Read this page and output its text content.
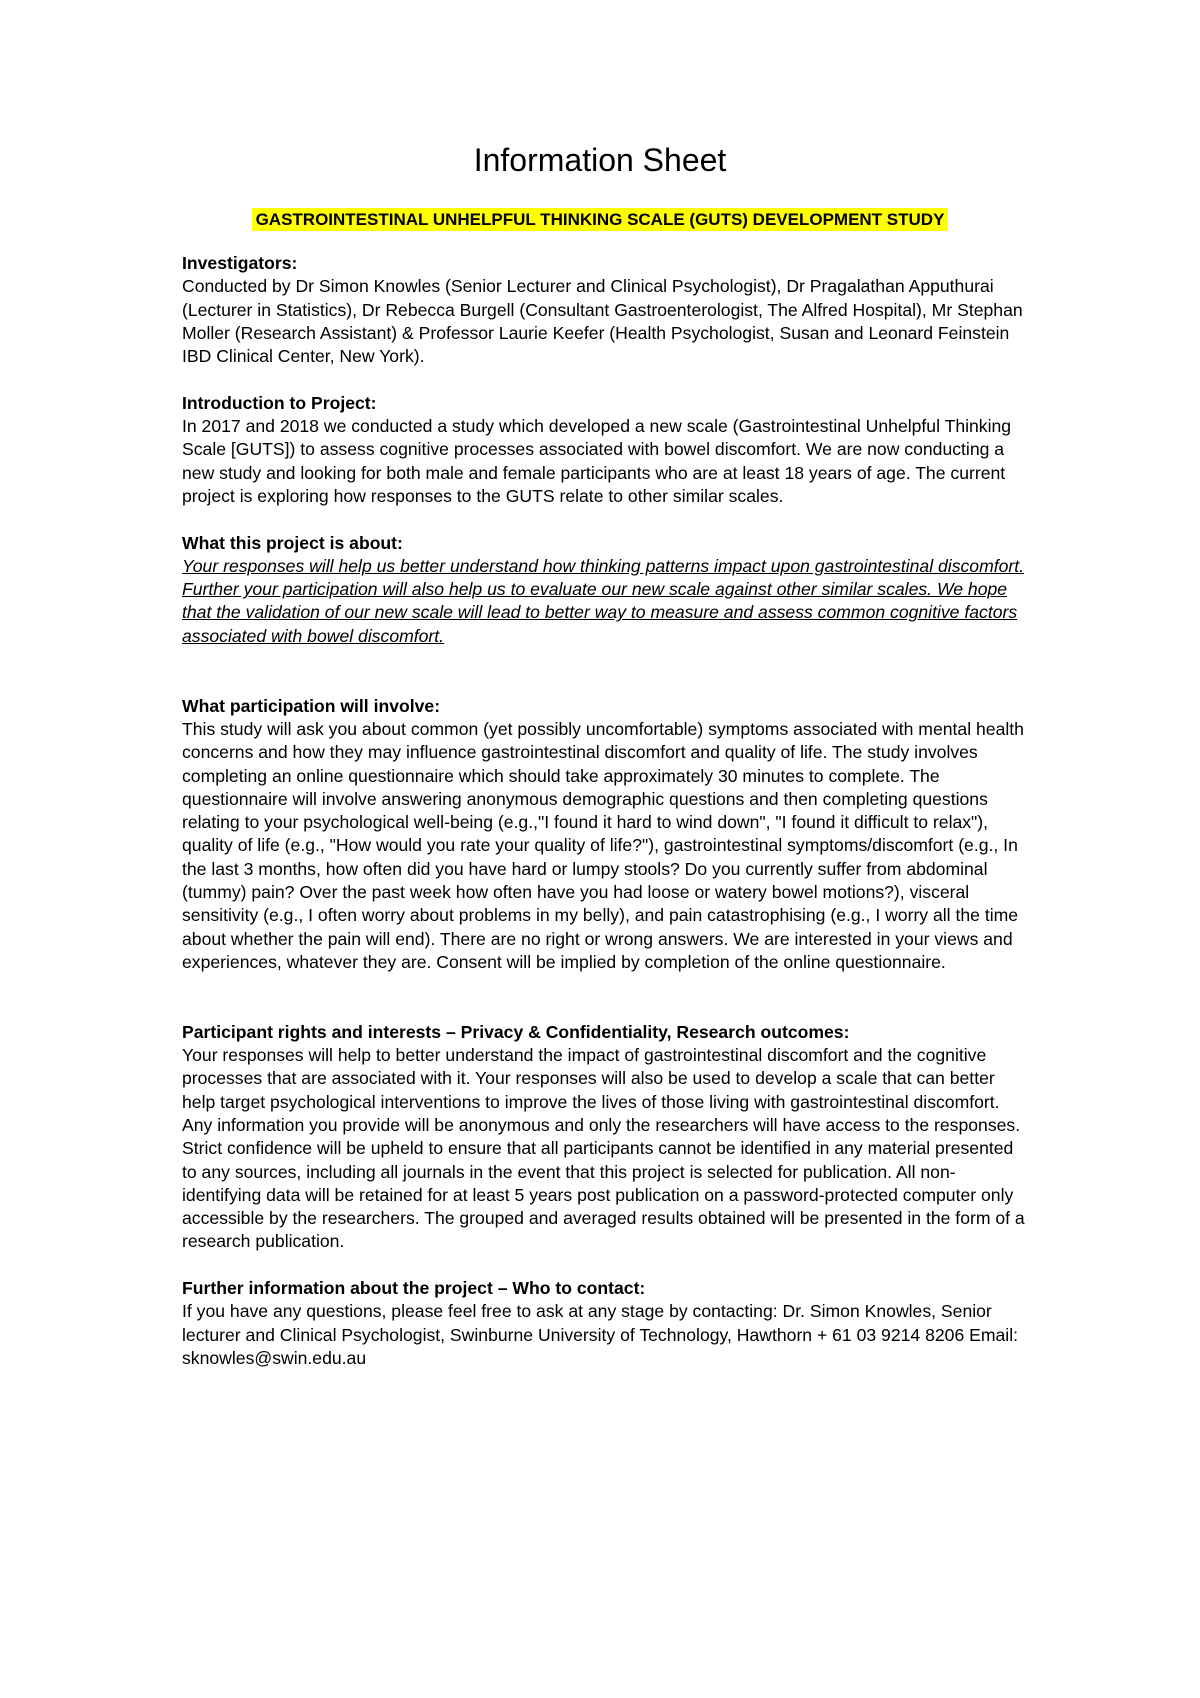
Information Sheet
GASTROINTESTINAL UNHELPFUL THINKING SCALE (GUTS) DEVELOPMENT STUDY
Investigators:

Conducted by Dr Simon Knowles (Senior Lecturer and Clinical Psychologist), Dr Pragalathan Apputhurai (Lecturer in Statistics), Dr Rebecca Burgell (Consultant Gastroenterologist, The Alfred Hospital), Mr Stephan Moller (Research Assistant) & Professor Laurie Keefer (Health Psychologist, Susan and Leonard Feinstein IBD Clinical Center, New York).

Introduction to Project:

In 2017 and 2018 we conducted a study which developed a new scale (Gastrointestinal Unhelpful Thinking Scale [GUTS]) to assess cognitive processes associated with bowel discomfort. We are now conducting a new study and looking for both male and female participants who are at least 18 years of age. The current project is exploring how responses to the GUTS relate to other similar scales.

What this project is about:

Your responses will help us better understand how thinking patterns impact upon gastrointestinal discomfort. Further your participation will also help us to evaluate our new scale against other similar scales. We hope that the validation of our new scale will lead to better way to measure and assess common cognitive factors associated with bowel discomfort.

What participation will involve:

This study will ask you about common (yet possibly uncomfortable) symptoms associated with mental health concerns and how they may influence gastrointestinal discomfort and quality of life. The study involves completing an online questionnaire which should take approximately 30 minutes to complete. The questionnaire will involve answering anonymous demographic questions and then completing questions relating to your psychological well-being (e.g.,"I found it hard to wind down", "I found it difficult to relax"), quality of life (e.g., "How would you rate your quality of life?"), gastrointestinal symptoms/discomfort (e.g., In the last 3 months, how often did you have hard or lumpy stools? Do you currently suffer from abdominal (tummy) pain? Over the past week how often have you had loose or watery bowel motions?), visceral sensitivity (e.g., I often worry about problems in my belly), and pain catastrophising (e.g., I worry all the time about whether the pain will end). There are no right or wrong answers. We are interested in your views and experiences, whatever they are. Consent will be implied by completion of the online questionnaire.

Participant rights and interests – Privacy & Confidentiality, Research outcomes:

Your responses will help to better understand the impact of gastrointestinal discomfort and the cognitive processes that are associated with it. Your responses will also be used to develop a scale that can better help target psychological interventions to improve the lives of those living with gastrointestinal discomfort.

Any information you provide will be anonymous and only the researchers will have access to the responses. Strict confidence will be upheld to ensure that all participants cannot be identified in any material presented to any sources, including all journals in the event that this project is selected for publication. All non-identifying data will be retained for at least 5 years post publication on a password-protected computer only accessible by the researchers. The grouped and averaged results obtained will be presented in the form of a research publication.

Further information about the project – Who to contact:

If you have any questions, please feel free to ask at any stage by contacting: Dr. Simon Knowles, Senior lecturer and Clinical Psychologist, Swinburne University of Technology, Hawthorn + 61 03 9214 8206 Email: sknowles@swin.edu.au
